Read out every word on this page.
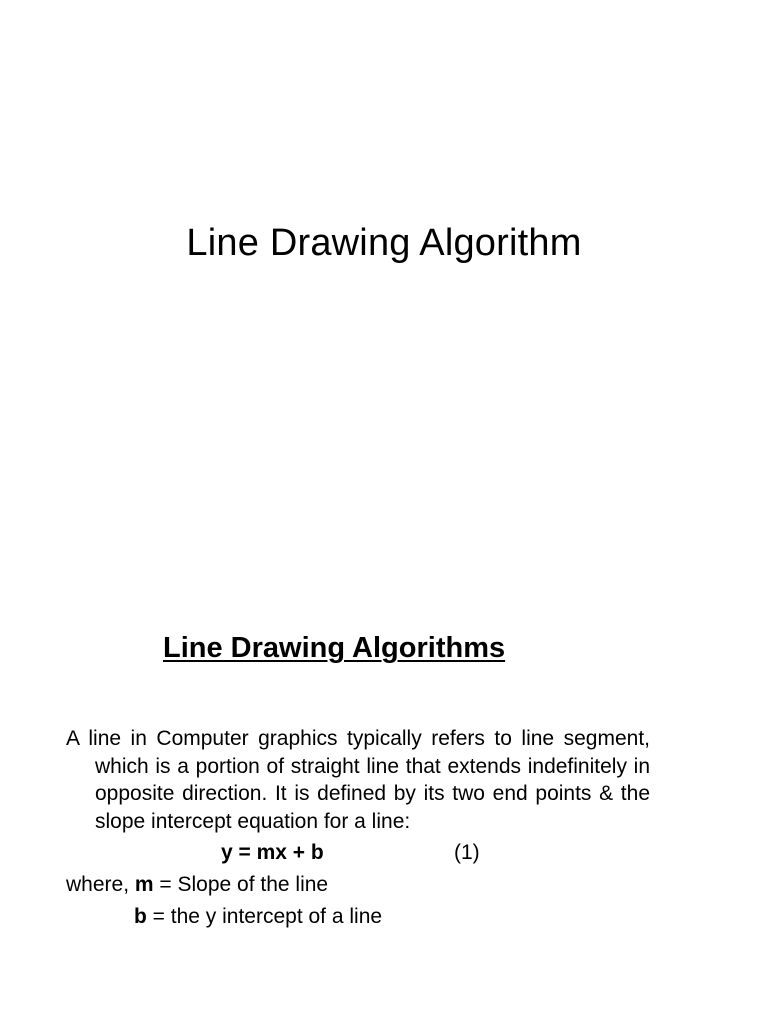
Line Drawing Algorithm
Line Drawing Algorithms

A line in Computer graphics typically refers to line segment, which is a portion of straight line that extends indefinitely in opposite direction. It is defined by its two end points & the slope intercept equation for a line:

y = mx + b	(1)
where, m = Slope of the line
b = the y intercept of a line
